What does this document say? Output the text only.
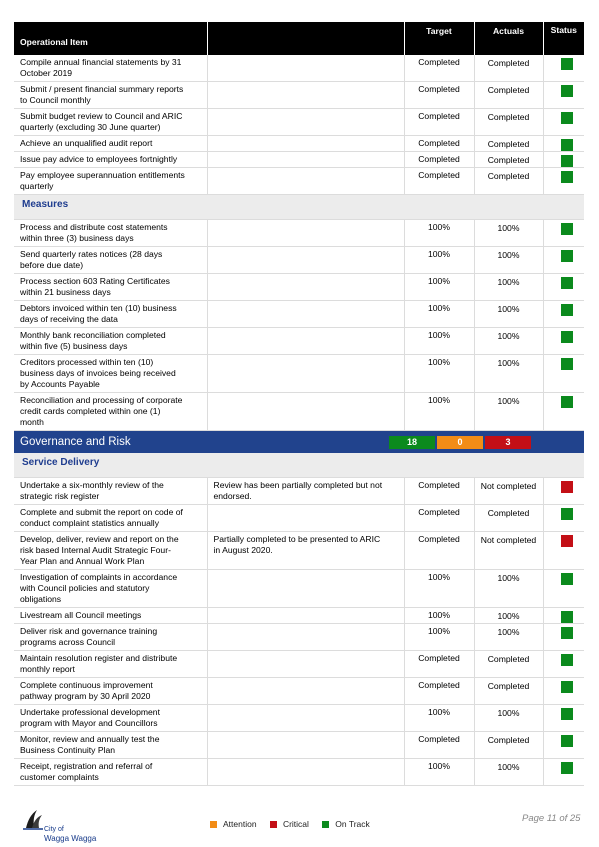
Operational Item		Target	Actuals	Status
Compile annual financial statements by 31 October 2019		Completed	Completed	

Submit / present financial summary reports to Council monthly		Completed	Completed	

Submit budget review to Council and ARIC quarterly (excluding 30 June quarter)		Completed	Completed	

Achieve an unqualified audit report		Completed	Completed	

Issue pay advice to employees fortnightly		Completed	Completed	

Pay employee superannuation entitlements quarterly		Completed	Completed	

Measures				
Process and distribute cost statements within three (3) business days		100%	100%	

Send quarterly rates notices (28 days before due date)		100%	100%	

Process section 603 Rating Certificates within 21 business days		100%	100%	

Debtors invoiced within ten (10) business days of receiving the data		100%	100%	

Monthly bank reconciliation completed within five (5) business days		100%	100%	

Creditors processed within ten (10) business days of invoices being received by Accounts Payable		100%	100%	

Reconciliation and processing of corporate credit cards completed within one (1) month		100%	100%	

Governance and Risk		18 0 3		
Service Delivery				
Undertake a six-monthly review of the strategic risk register	Review has been partially completed but not endorsed.	Completed	Not completed	

Complete and submit the report on code of conduct complaint statistics annually		Completed	Completed	

Develop, deliver, review and report on the risk based Internal Audit Strategic Four-Year Plan and Annual Work Plan	Partially completed to be presented to ARIC in August 2020.	Completed	Not completed	

Investigation of complaints in accordance with Council policies and statutory obligations		100%	100%	

Livestream all Council meetings		100%	100%	

Deliver risk and governance training programs across Council		100%	100%	

Maintain resolution register and distribute monthly report		Completed	Completed	

Complete continuous improvement pathway program by 30 April 2020		Completed	Completed	

Undertake professional development program with Mayor and Councillors		100%	100%	

Monitor, review and annually test the Business Continuity Plan		Completed	Completed	

Receipt, registration and referral of customer complaints		100%	100%	
City of
Wagga Wagga
Attention	Critical	On Track	Page 11 of 25
